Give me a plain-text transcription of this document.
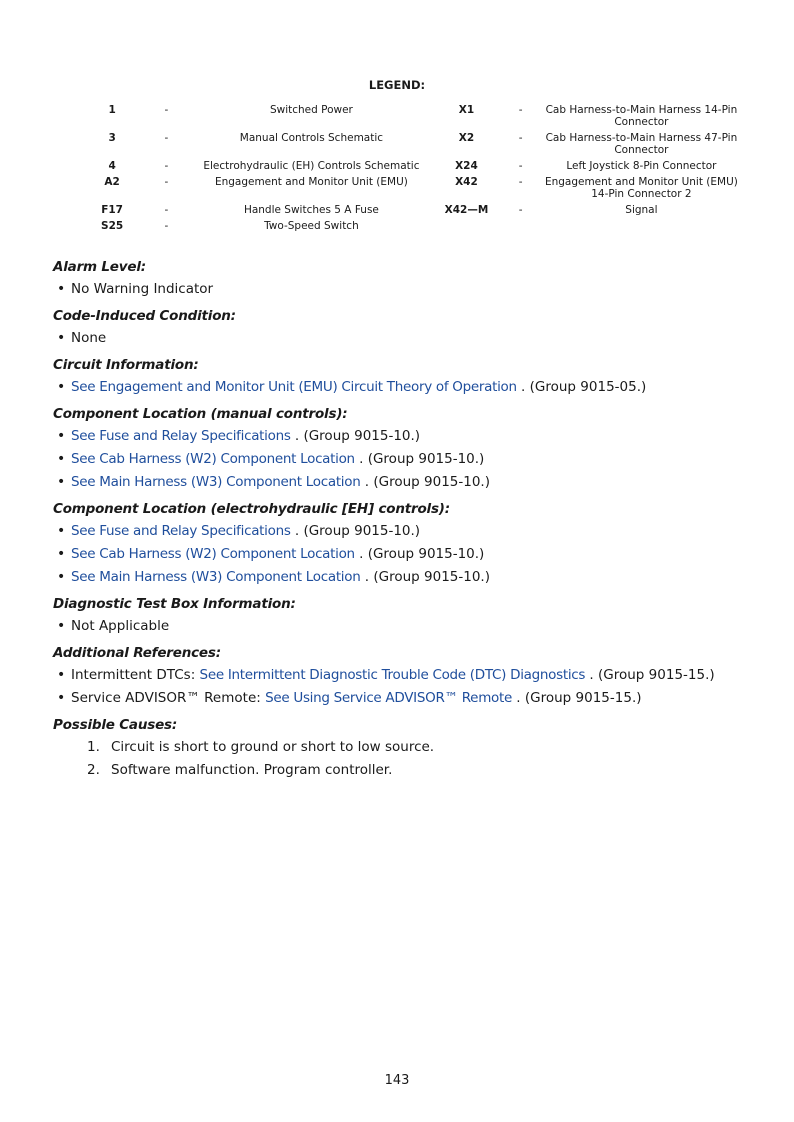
LEGEND:
1	-	Switched Power	X1	-	Cab Harness-to-Main Harness 14-Pin Connector
3	-	Manual Controls Schematic	X2	-	Cab Harness-to-Main Harness 47-Pin Connector
4	-	Electrohydraulic (EH) Controls Schematic	X24	-	Left Joystick 8-Pin Connector
A2	-	Engagement and Monitor Unit (EMU)	X42	-	Engagement and Monitor Unit (EMU) 14-Pin Connector 2
F17	-	Handle Switches 5 A Fuse	X42—M	-	Signal
S25	-	Two-Speed Switch			
Alarm Level:
• No Warning Indicator
Code-Induced Condition:
• None
Circuit Information:
• See Engagement and Monitor Unit (EMU) Circuit Theory of Operation . (Group 9015-05.)
Component Location (manual controls):
• See Fuse and Relay Specifications . (Group 9015-10.)
• See Cab Harness (W2) Component Location . (Group 9015-10.)
• See Main Harness (W3) Component Location . (Group 9015-10.)
Component Location (electrohydraulic [EH] controls):
• See Fuse and Relay Specifications . (Group 9015-10.)
• See Cab Harness (W2) Component Location . (Group 9015-10.)
• See Main Harness (W3) Component Location . (Group 9015-10.)
Diagnostic Test Box Information:
• Not Applicable
Additional References:
• Intermittent DTCs: See Intermittent Diagnostic Trouble Code (DTC) Diagnostics . (Group 9015-15.)
• Service ADVISOR™ Remote: See Using Service ADVISOR™ Remote . (Group 9015-15.)
Possible Causes:
1. Circuit is short to ground or short to low source.
2. Software malfunction. Program controller.
143
